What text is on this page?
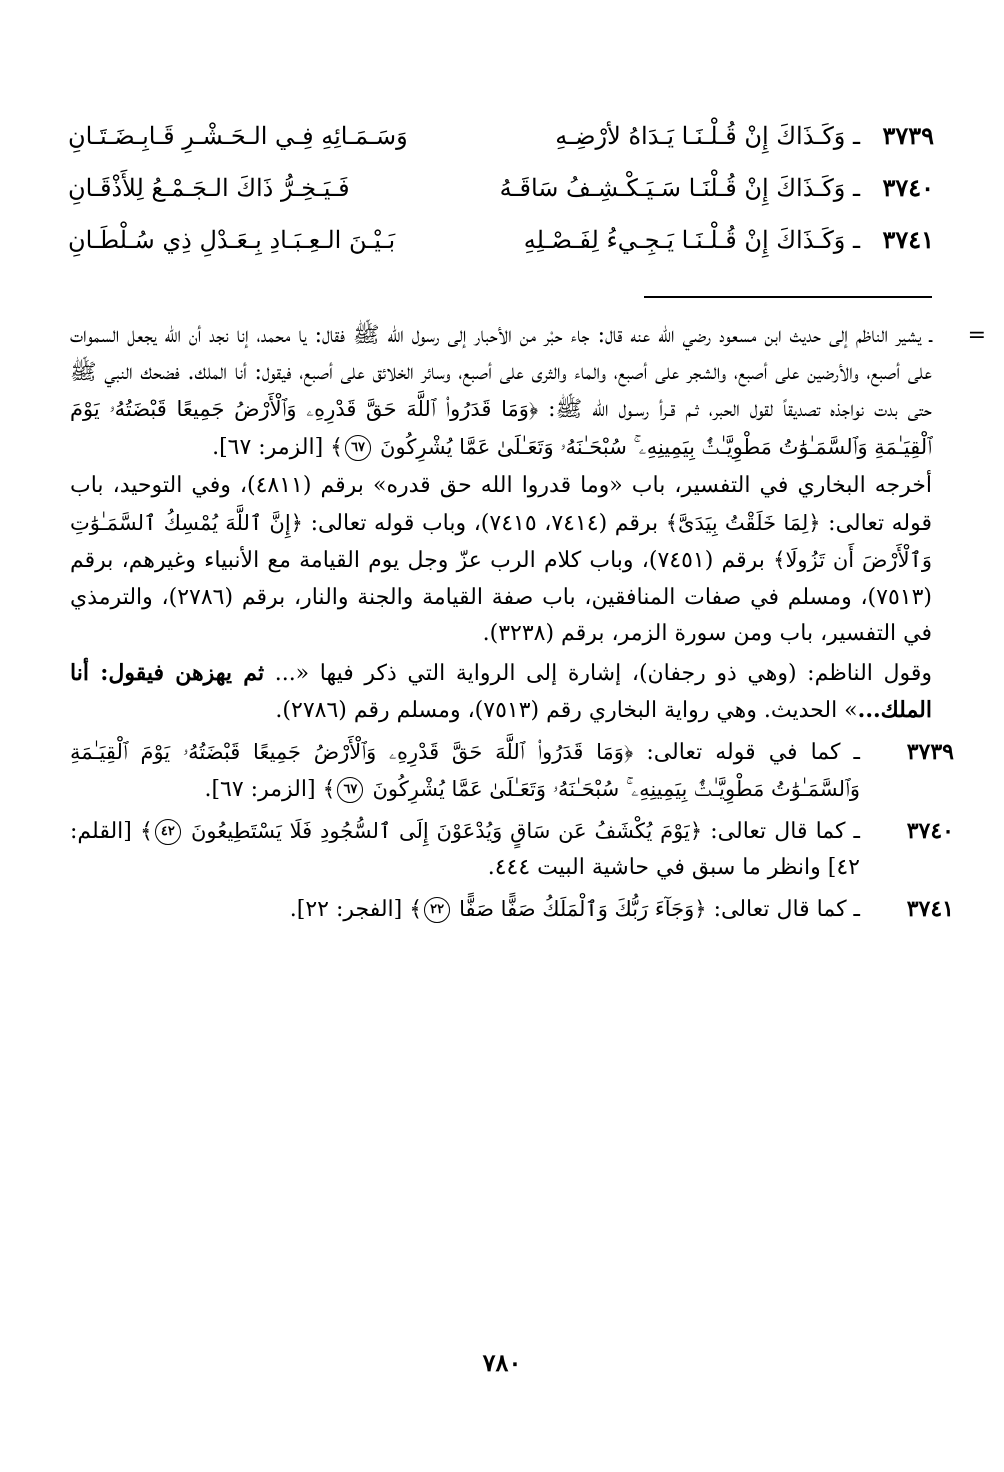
٣٧٣٩
ـ وَكَـذَاكَ إِنْ قُـلْـنَـا يَـدَاهُ لأرْضِـهِ
وَسَـمَـائِهِ فِـي الـحَـشْـرِ قَـابِـضَـتَـانِ
٣٧٤٠
ـ وَكَـذَاكَ إِنْ قُـلْنَـا سَـيَـكْـشِـفُ سَاقَـهُ
فَـيَـخِـرُّ ذَاكَ الـجَـمْـعُ لِلأَذْقَـانِ
٣٧٤١
ـ وَكَـذَاكَ إِنْ قُـلْـنَـا يَـجِـيءُ لِفَـصْـلِهِ
بَـيْـنَ الـعِـبَـادِ بِـعَـدْلِ ذِي سُـلْطَـانِ
=

ـ يشير الناظم إلى حديث ابن مسعود رضي الله عنه قال: جاء حبْر من الأحبار إلى رسول الله ﷺ فقال: يا محمد، إنا نجد أن الله يجعل السموات على أصبع، والأرضين على أصبع، والشجر على أصبع، والماء والثرى على أصبع، وسائر الخلائق على أصبع، فيقول: أنا الملك. فضحك النبي ﷺ حتى بدت نواجذه تصديقاً لقول الحبر، ثـم قـرأ رسـول الله ﷺ: ﴿وَمَا قَدَرُوا۟ ٱللَّهَ حَقَّ قَدْرِهِۦ وَٱلْأَرْضُ جَمِيعًا قَبْضَتُهُۥ يَوْمَ ٱلْقِيَـٰمَةِ وَٱلسَّمَـٰوَٰتُ مَطْوِيَّـٰتٌۢ بِيَمِينِهِۦ ۚ سُبْحَـٰنَهُۥ وَتَعَـٰلَىٰ عَمَّا يُشْرِكُونَ ٦٧﴾ [الزمر: ٦٧].

أخرجه البخاري في التفسير، باب «وما قدروا الله حق قدره» برقم (٤٨١١)، وفي التوحيد، باب قوله تعالى: ﴿لِمَا خَلَقْتُ بِيَدَىَّ﴾ برقم (٧٤١٤، ٧٤١٥)، وباب قوله تعالى: ﴿إِنَّ ٱللَّهَ يُمْسِكُ ٱلسَّمَـٰوَٰتِ وَٱلْأَرْضَ أَن تَزُولَا﴾ برقم (٧٤٥١)، وباب كلام الرب عزّ وجل يوم القيامة مع الأنبياء وغيرهم، برقم (٧٥١٣)، ومسلم في صفات المنافقين، باب صفة القيامة والجنة والنار، برقم (٢٧٨٦)، والترمذي في التفسير، باب ومن سورة الزمر، برقم (٣٢٣٨).

وقول الناظم: (وهي ذو رجفان)، إشارة إلى الرواية التي ذكر فيها «... ثم يهزهن فيقول: أنا الملك...» الحديث. وهي رواية البخاري رقم (٧٥١٣)، ومسلم رقم (٢٧٨٦).

٣٧٣٩

ـ كما في قوله تعالى: ﴿وَمَا قَدَرُوا۟ ٱللَّهَ حَقَّ قَدْرِهِۦ وَٱلْأَرْضُ جَمِيعًا قَبْضَتُهُۥ يَوْمَ ٱلْقِيَـٰمَةِ وَٱلسَّمَـٰوَٰتُ مَطْوِيَّـٰتٌۢ بِيَمِينِهِۦ ۚ سُبْحَـٰنَهُۥ وَتَعَـٰلَىٰ عَمَّا يُشْرِكُونَ ٦٧﴾ [الزمر: ٦٧].

٣٧٤٠

ـ كما قال تعالى: ﴿يَوْمَ يُكْشَفُ عَن سَاقٍ وَيُدْعَوْنَ إِلَى ٱلسُّجُودِ فَلَا يَسْتَطِيعُونَ ٤٢﴾ [القلم: ٤٢] وانظر ما سبق في حاشية البيت ٤٤٤.

٣٧٤١

ـ كما قال تعالى: ﴿وَجَآءَ رَبُّكَ وَٱلْمَلَكُ صَفًّا صَفًّا ٢٢﴾ [الفجر: ٢٢].

٧٨٠
